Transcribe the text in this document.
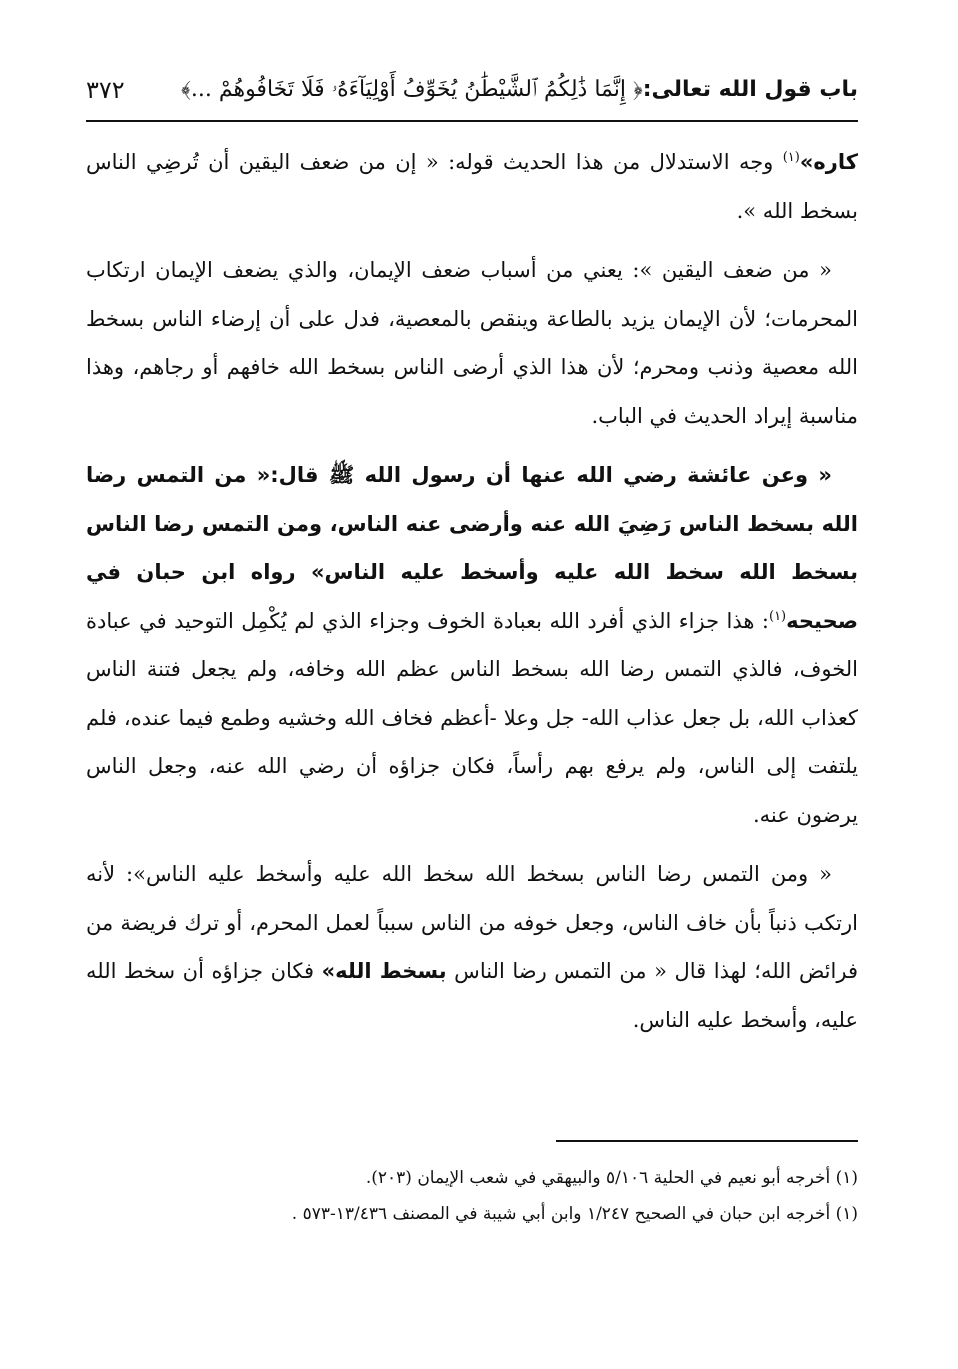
باب قول الله تعالى:﴿ إِنَّمَا ذَٰلِكُمُ ٱلشَّيْطَٰنُ يُخَوِّفُ أَوْلِيَآءَهُۥ فَلَا تَخَافُوهُمْ ...﴾
٣٧٢

كاره»$^{(١)}$ وجه الاستدلال من هذا الحديث قوله: « إن من ضعف اليقين أن تُرضِي الناس بسخط الله ».

« من ضعف اليقين »: يعني من أسباب ضعف الإيمان، والذي يضعف الإيمان ارتكاب المحرمات؛ لأن الإيمان يزيد بالطاعة وينقص بالمعصية، فدل على أن إرضاء الناس بسخط الله معصية وذنب ومحرم؛ لأن هذا الذي أرضى الناس بسخط الله خافهم أو رجاهم، وهذا مناسبة إيراد الحديث في الباب.

« وعن عائشة رضي الله عنها أن رسول الله ﷺ قال:« من التمس رضا الله بسخط الناس رَضِيَ الله عنه وأرضى عنه الناس، ومن التمس رضا الناس بسخط الله سخط الله عليه وأسخط عليه الناس» رواه ابن حبان في صحيحه$^{(١)}$: هذا جزاء الذي أفرد الله بعبادة الخوف وجزاء الذي لم يُكْمِل التوحيد في عبادة الخوف، فالذي التمس رضا الله بسخط الناس عظم الله وخافه، ولم يجعل فتنة الناس كعذاب الله، بل جعل عذاب الله- جل وعلا -أعظم فخاف الله وخشيه وطمع فيما عنده، فلم يلتفت إلى الناس، ولم يرفع بهم رأساً، فكان جزاؤه أن رضي الله عنه، وجعل الناس يرضون عنه.

« ومن التمس رضا الناس بسخط الله سخط الله عليه وأسخط عليه الناس»: لأنه ارتكب ذنباً بأن خاف الناس، وجعل خوفه من الناس سبباً لعمل المحرم، أو ترك فريضة من فرائض الله؛ لهذا قال « من التمس رضا الناس بسخط الله» فكان جزاؤه أن سخط الله عليه، وأسخط عليه الناس.

(١) أخرجه أبو نعيم في الحلية ٥/١٠٦ والبيهقي في شعب الإيمان (٢٠٣).
(١) أخرجه ابن حبان في الصحيح ١/٢٤٧ وابن أبي شيبة في المصنف ١٣/٤٣٦-٥٧٣ .
